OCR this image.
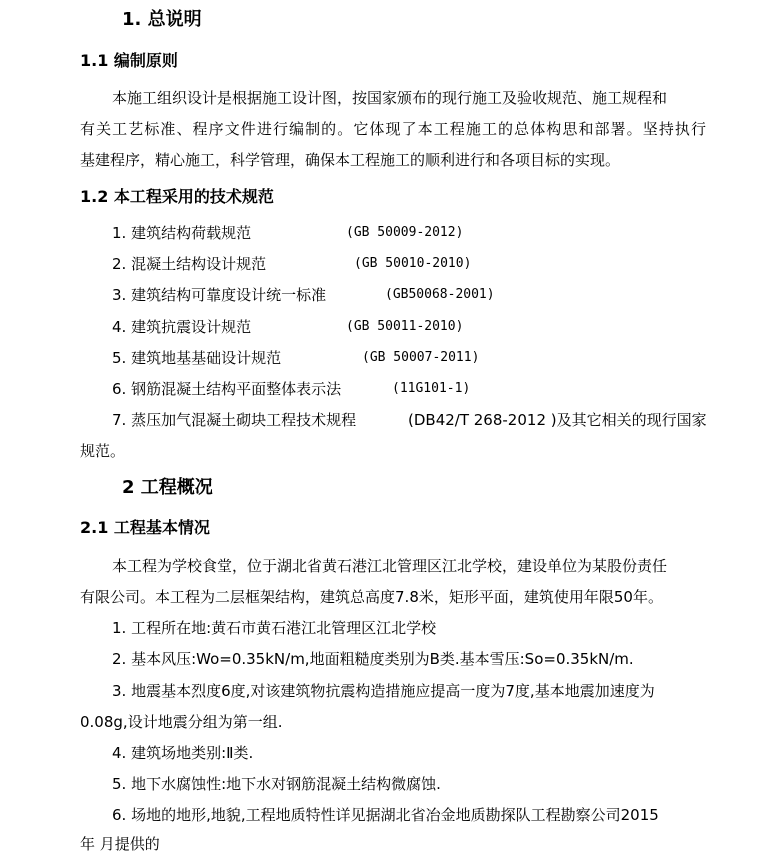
1. 总说明
1.1 编制原则
本施工组织设计是根据施工设计图，按国家颁布的现行施工及验收规范、施工规程和
有关工艺标准、程序文件进行编制的。它体现了本工程施工的总体构思和部署。坚持执行
基建程序，精心施工，科学管理，确保本工程施工的顺利进行和各项目标的实现。
1.2 本工程采用的技术规范
1. 建筑结构荷载规范	(GB 50009-2012)
2. 混凝土结构设计规范	(GB 50010-2010)
3. 建筑结构可靠度设计统一标准	(GB50068-2001)
4. 建筑抗震设计规范	(GB 50011-2010)
5. 建筑地基基础设计规范	(GB 50007-2011)
6. 钢筋混凝土结构平面整体表示法	(11G101-1)
7. 蒸压加气混凝土砌块工程技术规程	(DB42/T 268-2012 )及其它相关的现行国家
规范。
2 工程概况
2.1 工程基本情况
本工程为学校食堂，位于湖北省黄石港江北管理区江北学校，建设单位为某股份责任
有限公司。本工程为二层框架结构，建筑总高度7.8米，矩形平面，建筑使用年限50年。
1. 工程所在地:黄石市黄石港江北管理区江北学校
2. 基本风压:Wo=0.35kN/m,地面粗糙度类别为B类.基本雪压:So=0.35kN/m.
3. 地震基本烈度6度,对该建筑物抗震构造措施应提高一度为7度,基本地震加速度为
0.08g,设计地震分组为第一组.
4. 建筑场地类别:Ⅱ类.
5. 地下水腐蚀性:地下水对钢筋混凝土结构微腐蚀.
6. 场地的地形,地貌,工程地质特性详见据湖北省冶金地质勘探队工程勘察公司2015
年 月提供的
